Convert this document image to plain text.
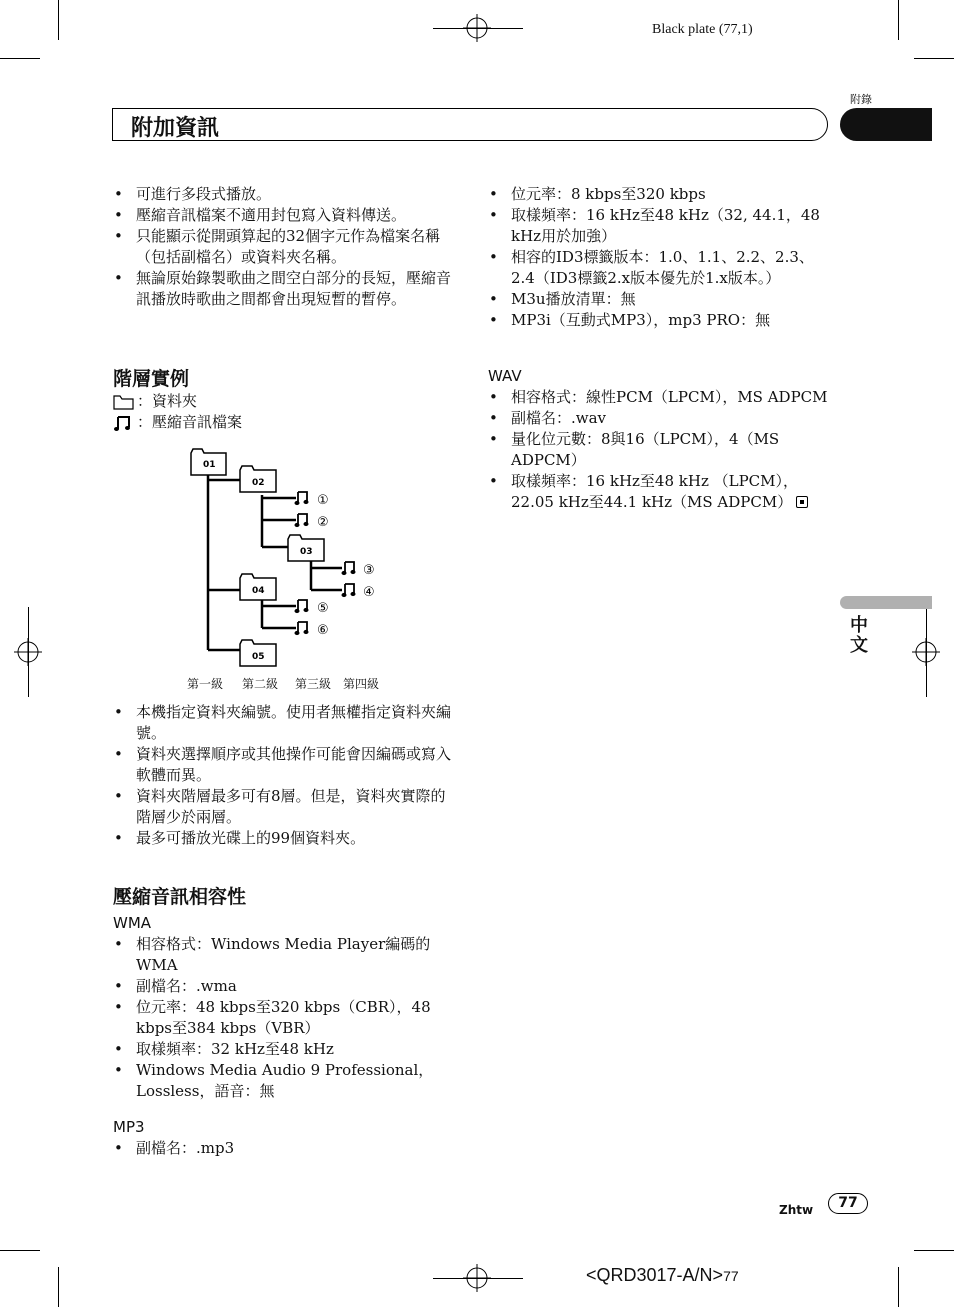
Black plate (77,1)
附錄
附加資訊
中文
• 可進行多段式播放。
• 壓縮音訊檔案不適用封包寫入資料傳送。
• 只能顯示從開頭算起的32個字元作為檔案名稱（包括副檔名）或資料夾名稱。
• 無論原始錄製歌曲之間空白部分的長短，壓縮音訊播放時歌曲之間都會出現短暫的暫停。
階層實例
：資料夾
：壓縮音訊檔案
01
02
03
04
05
①
②
③
④
⑤
⑥
第一級 第二級 第三級 第四級
• 本機指定資料夾編號。使用者無權指定資料夾編號。
• 資料夾選擇順序或其他操作可能會因編碼或寫入軟體而異。
• 資料夾階層最多可有8層。但是，資料夾實際的階層少於兩層。
• 最多可播放光碟上的99個資料夾。
壓縮音訊相容性
WMA
• 相容格式：Windows Media Player編碼的WMA
• 副檔名：.wma
• 位元率：48 kbps至320 kbps（CBR），48 kbps至384 kbps（VBR）
• 取樣頻率：32 kHz至48 kHz
• Windows Media Audio 9 Professional，Lossless，語音：無
MP3
• 副檔名：.mp3
• 位元率：8 kbps至320 kbps
• 取樣頻率：16 kHz至48 kHz（32, 44.1，48 kHz用於加強）
• 相容的ID3標籤版本：1.0、1.1、2.2、2.3、2.4（ID3標籤2.x版本優先於1.x版本。）
• M3u播放清單：無
• MP3i（互動式MP3），mp3 PRO：無
WAV
• 相容格式：線性PCM（LPCM），MS ADPCM
• 副檔名：.wav
• 量化位元數：8與16（LPCM），4（MS ADPCM）
• 取樣頻率：16 kHz至48 kHz （LPCM），22.05 kHz至44.1 kHz（MS ADPCM）
Zhtw	77
<QRD3017-A/N>77
